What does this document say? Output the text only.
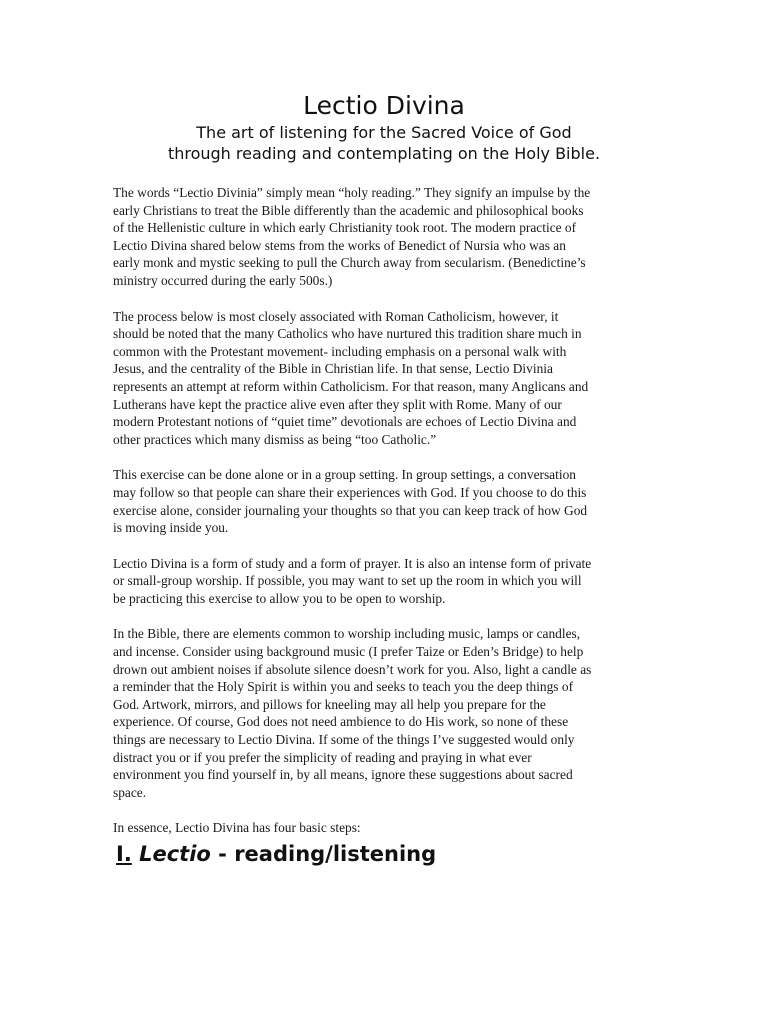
Lectio Divina
The art of listening for the Sacred Voice of God
through reading and contemplating on the Holy Bible.

The words “Lectio Divinia” simply mean “holy reading.” They signify an impulse by the
early Christians to treat the Bible differently than the academic and philosophical books
of the Hellenistic culture in which early Christianity took root. The modern practice of
Lectio Divina shared below stems from the works of Benedict of Nursia who was an
early monk and mystic seeking to pull the Church away from secularism. (Benedictine’s
ministry occurred during the early 500s.)

The process below is most closely associated with Roman Catholicism, however, it
should be noted that the many Catholics who have nurtured this tradition share much in
common with the Protestant movement- including emphasis on a personal walk with
Jesus, and the centrality of the Bible in Christian life. In that sense, Lectio Divinia
represents an attempt at reform within Catholicism. For that reason, many Anglicans and
Lutherans have kept the practice alive even after they split with Rome. Many of our
modern Protestant notions of “quiet time” devotionals are echoes of Lectio Divina and
other practices which many dismiss as being “too Catholic.”

This exercise can be done alone or in a group setting. In group settings, a conversation
may follow so that people can share their experiences with God. If you choose to do this
exercise alone, consider journaling your thoughts so that you can keep track of how God
is moving inside you.

Lectio Divina is a form of study and a form of prayer. It is also an intense form of private
or small-group worship. If possible, you may want to set up the room in which you will
be practicing this exercise to allow you to be open to worship.

In the Bible, there are elements common to worship including music, lamps or candles,
and incense. Consider using background music (I prefer Taize or Eden’s Bridge) to help
drown out ambient noises if absolute silence doesn’t work for you. Also, light a candle as
a reminder that the Holy Spirit is within you and seeks to teach you the deep things of
God. Artwork, mirrors, and pillows for kneeling may all help you prepare for the
experience. Of course, God does not need ambience to do His work, so none of these
things are necessary to Lectio Divina. If some of the things I’ve suggested would only
distract you or if you prefer the simplicity of reading and praying in what ever
environment you find yourself in, by all means, ignore these suggestions about sacred
space.

In essence, Lectio Divina has four basic steps:

I. Lectio - reading/listening
